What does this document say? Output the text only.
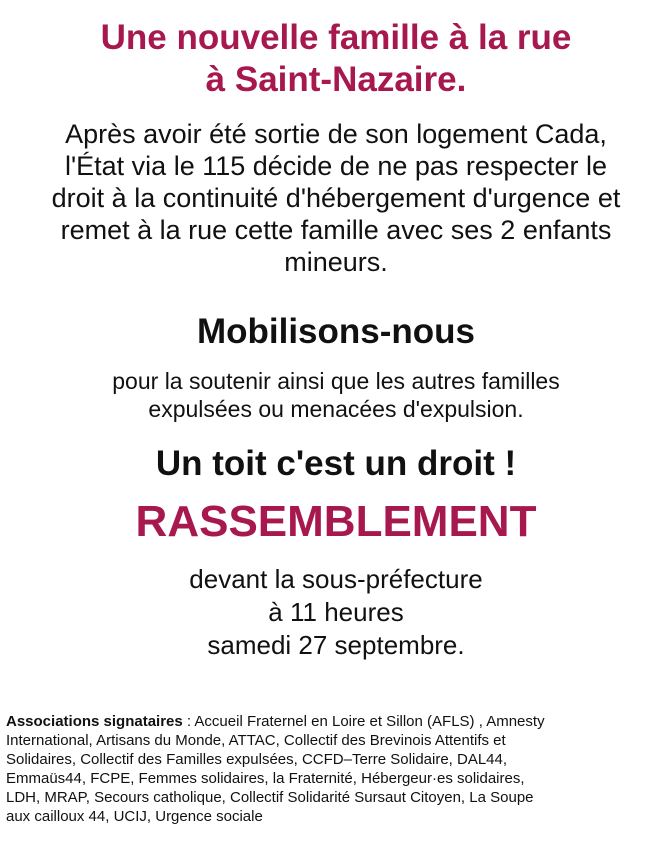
Une nouvelle famille à la rue
à Saint-Nazaire.

Après avoir été sortie de son logement Cada,
l'État via le 115 décide de ne pas respecter le
droit à la continuité d'hébergement d'urgence et
remet à la rue cette famille avec ses 2 enfants
mineurs.

Mobilisons-nous

pour la soutenir ainsi que les autres familles
expulsées ou menacées d'expulsion.

Un toit c'est un droit !
RASSEMBLEMENT

devant la sous-préfecture
à 11 heures
samedi 27 septembre.

Associations signataires : Accueil Fraternel en Loire et Sillon (AFLS) , Amnesty
International, Artisans du Monde, ATTAC, Collectif des Brevinois Attentifs et
Solidaires, Collectif des Familles expulsées, CCFD–Terre Solidaire, DAL44,
Emmaüs44, FCPE, Femmes solidaires, la Fraternité, Hébergeur·es solidaires,
LDH, MRAP, Secours catholique, Collectif Solidarité Sursaut Citoyen, La Soupe
aux cailloux 44, UCIJ, Urgence sociale
